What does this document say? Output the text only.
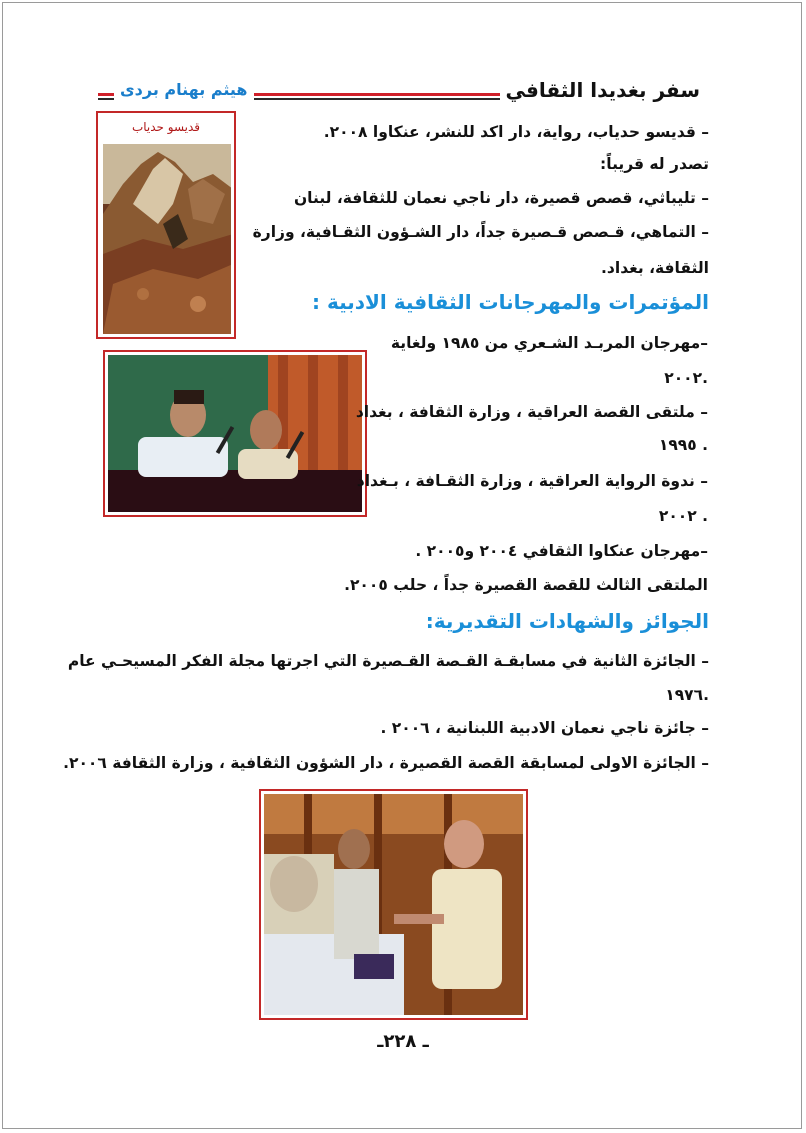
سفر بغديدا الثقافي
هيثم بهنام بردى
قديسو حدياب	– قديسو حدياب، رواية، دار اكد للنشر، عنكاوا ٢٠٠٨.
تصدر له قريباً:
– تليباثي، قصص قصيرة، دار ناجي نعمان للثقافة، لبنان
– التماهي، قـصص قـصيرة جداً، دار الشـؤون الثقـافية، وزارة
الثقافة، بغداد.
المؤتمرات والمهرجانات الثقافية الادبية :
–مهرجان المربـد الشـعري من ١٩٨٥ ولغاية
.٢٠٠٢
– ملتقى القصة العراقية ، وزارة الثقافة ، بغداد
. ١٩٩٥
– ندوة الرواية العراقية ، وزارة الثقـافة ، بـغداد
. ٢٠٠٢
–مهرجان عنكاوا الثقافي ٢٠٠٤ و٢٠٠٥ .
الملتقى الثالث للقصة القصيرة جداً ، حلب ٢٠٠٥.
الجوائز والشهادات التقديرية:
– الجائزة الثانية في مسابقـة القـصة القـصيرة التي اجرتها مجلة الفكر المسيحـي عام
.١٩٧٦
– جائزة ناجي نعمان الادبية اللبنانية ، ٢٠٠٦ .
– الجائزة الاولى لمسابقة القصة القصيرة ، دار الشؤون الثقافية ، وزارة الثقافة ٢٠٠٦.
ـ ٢٢٨ـ
